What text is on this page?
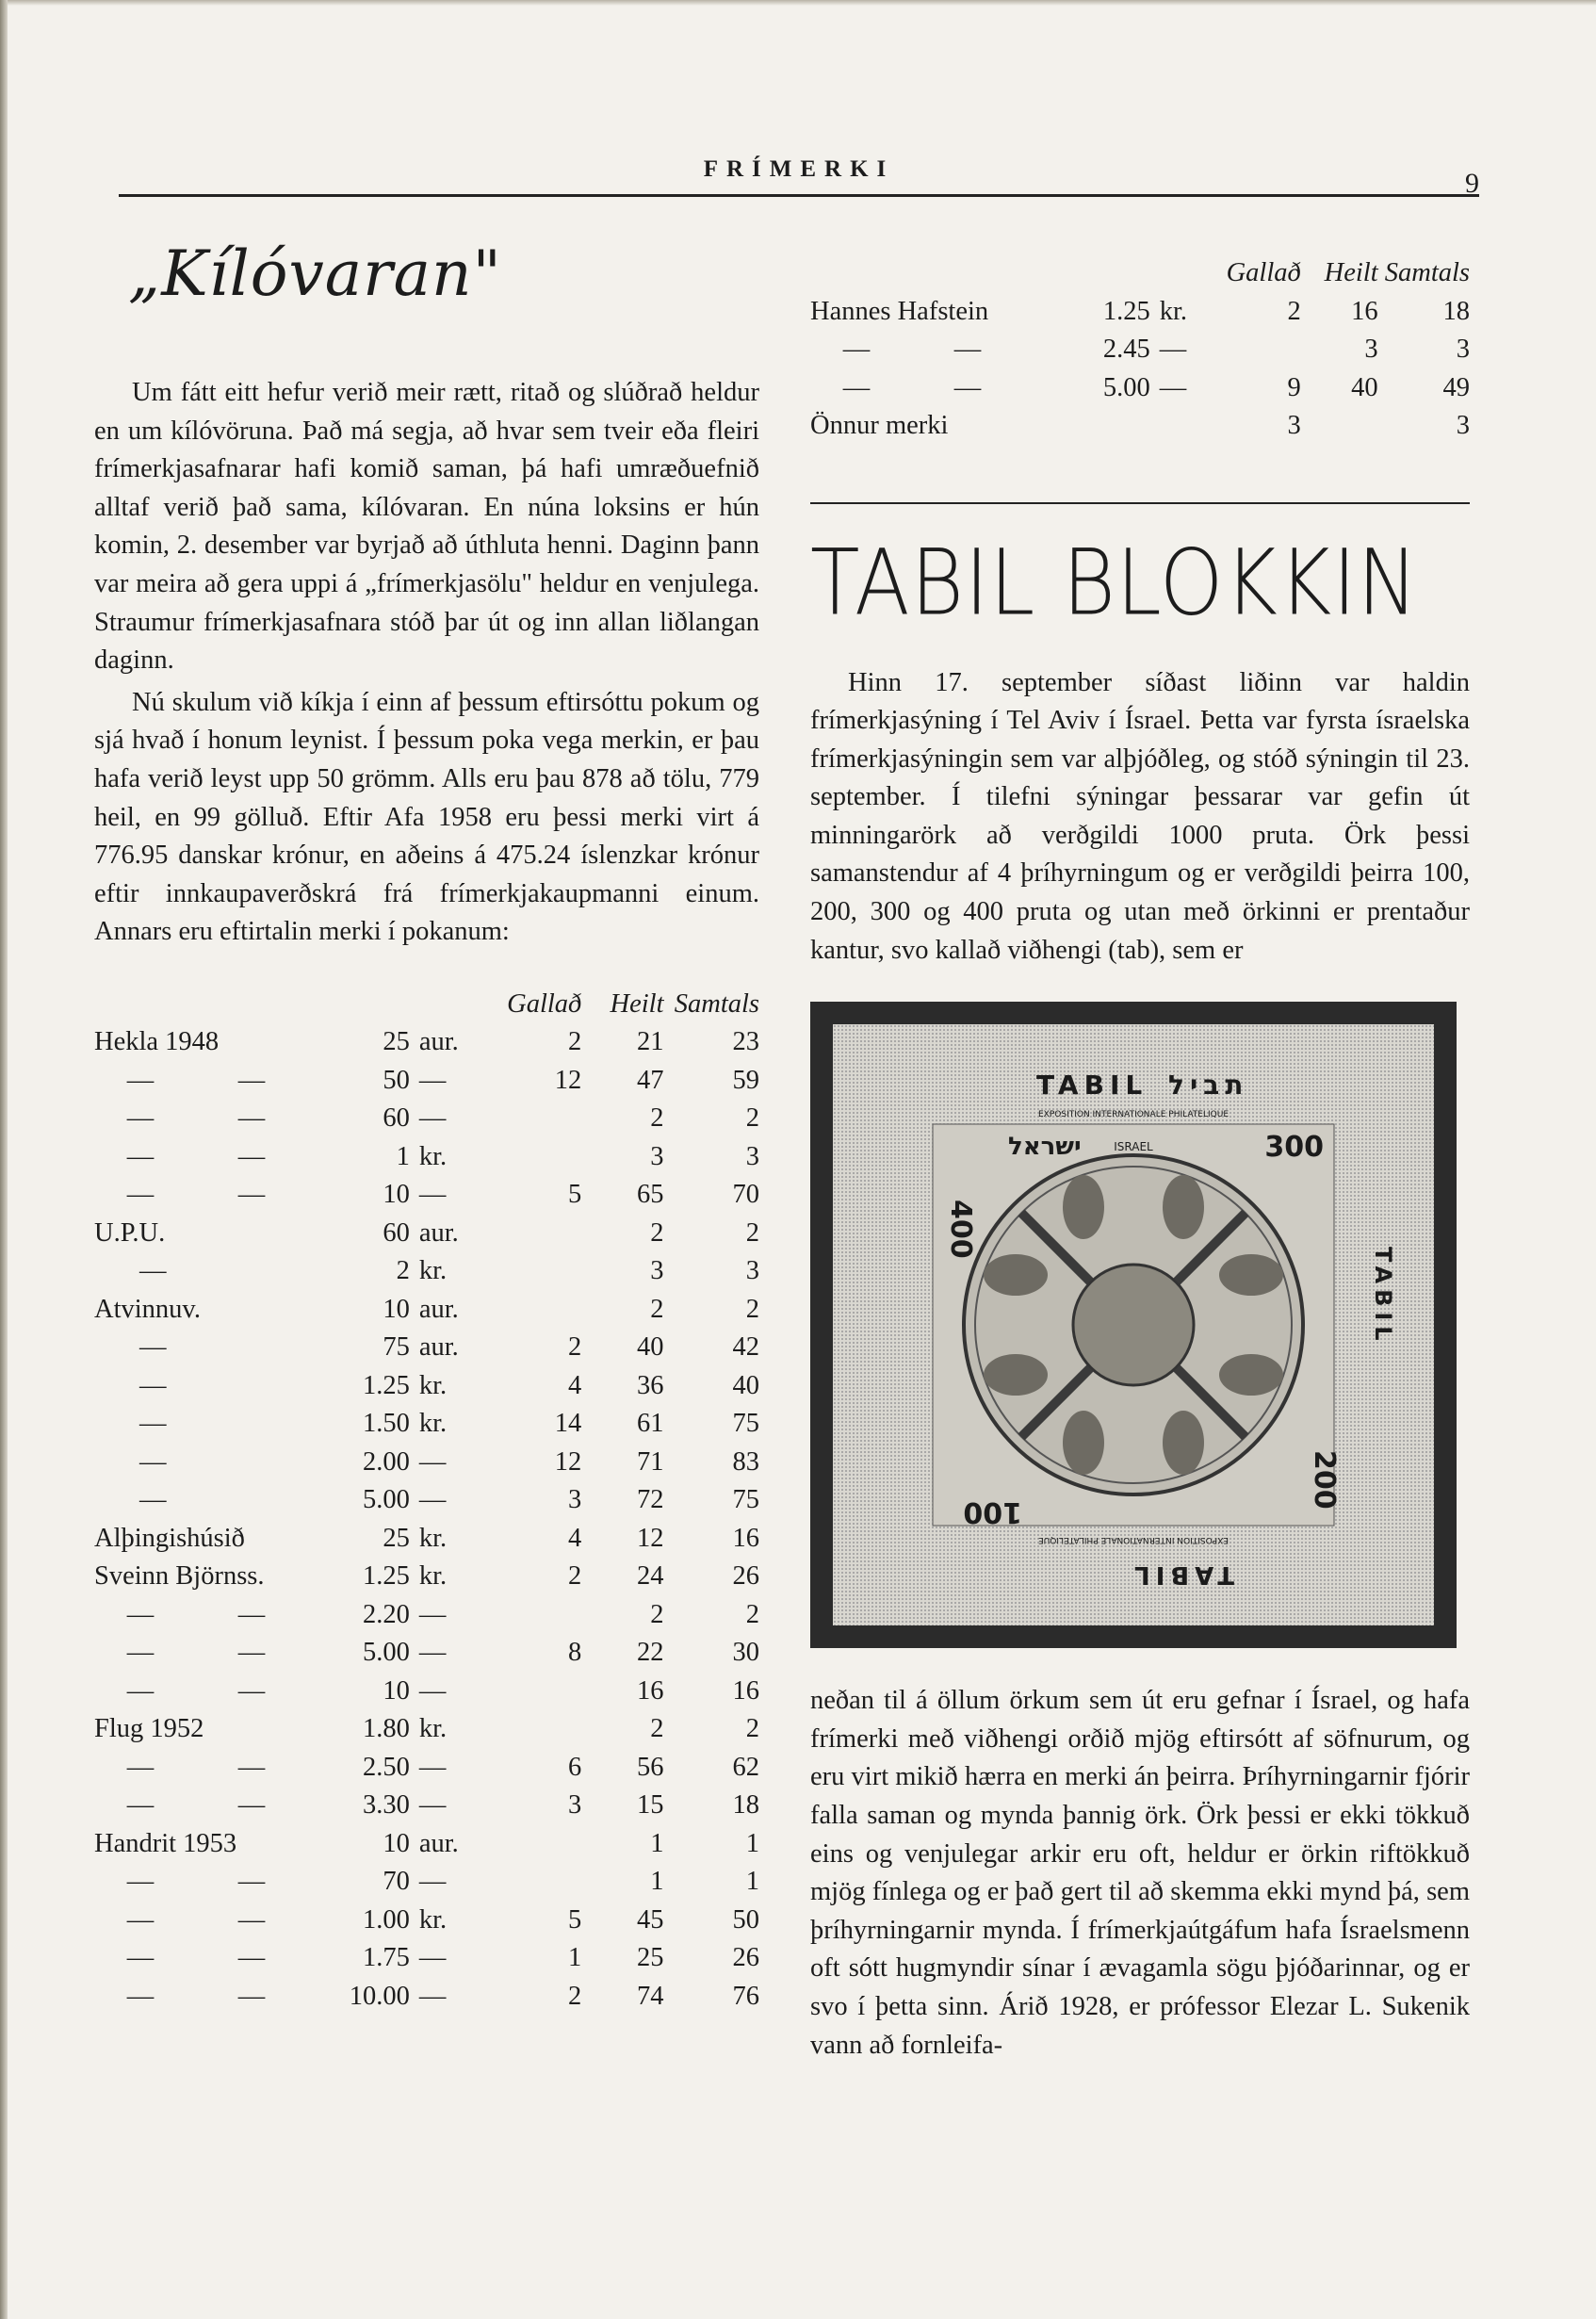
FRÍMERKI	9
„Kílóvaran"

Um fátt eitt hefur verið meir rætt, ritað og slúðrað heldur en um kílóvöruna. Það má segja, að hvar sem tveir eða fleiri frímerkjasafnarar hafi komið saman, þá hafi umræðuefnið alltaf verið það sama, kílóvaran. En núna loksins er hún komin, 2. desember var byrjað að úthluta henni. Daginn þann var meira að gera uppi á „frímerkjasölu" heldur en venjulega. Straumur frímerkjasafnara stóð þar út og inn allan liðlangan daginn.

Nú skulum við kíkja í einn af þessum eftirsóttu pokum og sjá hvað í honum leynist. Í þessum poka vega merkin, er þau hafa verið leyst upp 50 grömm. Alls eru þau 878 að tölu, 779 heil, en 99 gölluð. Eftir Afa 1958 eru þessi merki virt á 776.95 danskar krónur, en aðeins á 475.24 íslenzkar krónur eftir innkaupaverðskrá frá frímerkjakaupmanni einum. Annars eru eftirtalin merki í pokanum:

			Gallað	Heilt	Samtals
Hekla 1948	25	aur.	2	21	23
— —	50	—	12	47	59
— —	60	—		2	2
— —	1	kr.		3	3
— —	10	—	5	65	70
U.P.U.	60	aur.		2	2
—	2	kr.		3	3
Atvinnuv.	10	aur.		2	2
—	75	aur.	2	40	42
—	1.25	kr.	4	36	40
—	1.50	kr.	14	61	75
—	2.00	—	12	71	83
—	5.00	—	3	72	75
Alþingishúsið	25	kr.	4	12	16
Sveinn Björnss.	1.25	kr.	2	24	26
— —	2.20	—		2	2
— —	5.00	—	8	22	30
— —	10	—		16	16
Flug 1952	1.80	kr.		2	2
— —	2.50	—	6	56	62
— —	3.30	—	3	15	18
Handrit 1953	10	aur.		1	1
— —	70	—		1	1
— —	1.00	kr.	5	45	50
— —	1.75	—	1	25	26
— —	10.00	—	2	74	76
			Gallað	Heilt	Samtals
Hannes Hafstein	1.25	kr.	2	16	18
— —	2.45	—		3	3
— —	5.00	—	9	40	49
Önnur merki			3		3
TABIL BLOKKIN

Hinn 17. september síðast liðinn var haldin frímerkjasýning í Tel Aviv í Ísrael. Þetta var fyrsta ísraelska frímerkjasýningin sem var alþjóðleg, og stóð sýningin til 23. september. Í tilefni sýningar þessarar var gefin út minningarörk að verðgildi 1000 pruta. Örk þessi samanstendur af 4 þríhyrningum og er verðgildi þeirra 100, 200, 300 og 400 pruta og utan með örkinni er prentaður kantur, svo kallað viðhengi (tab), sem er

TABIL תביל
EXPOSITION INTERNATIONALE PHILATELIQUE
ISRAEL
ישראל	300
400
200
100
TABIL
TABIL
EXPOSITION INTERNATIONALE PHILATELIQUE

neðan til á öllum örkum sem út eru gefnar í Ísrael, og hafa frímerki með viðhengi orðið mjög eftirsótt af söfnurum, og eru virt mikið hærra en merki án þeirra. Þríhyrningarnir fjórir falla saman og mynda þannig örk. Örk þessi er ekki tökkuð eins og venjulegar arkir eru oft, heldur er örkin riftökkuð mjög fínlega og er það gert til að skemma ekki mynd þá, sem þríhyrningarnir mynda. Í frímerkjaútgáfum hafa Ísraelsmenn oft sótt hugmyndir sínar í ævagamla sögu þjóðarinnar, og er svo í þetta sinn. Árið 1928, er prófessor Elezar L. Sukenik vann að fornleifa-
